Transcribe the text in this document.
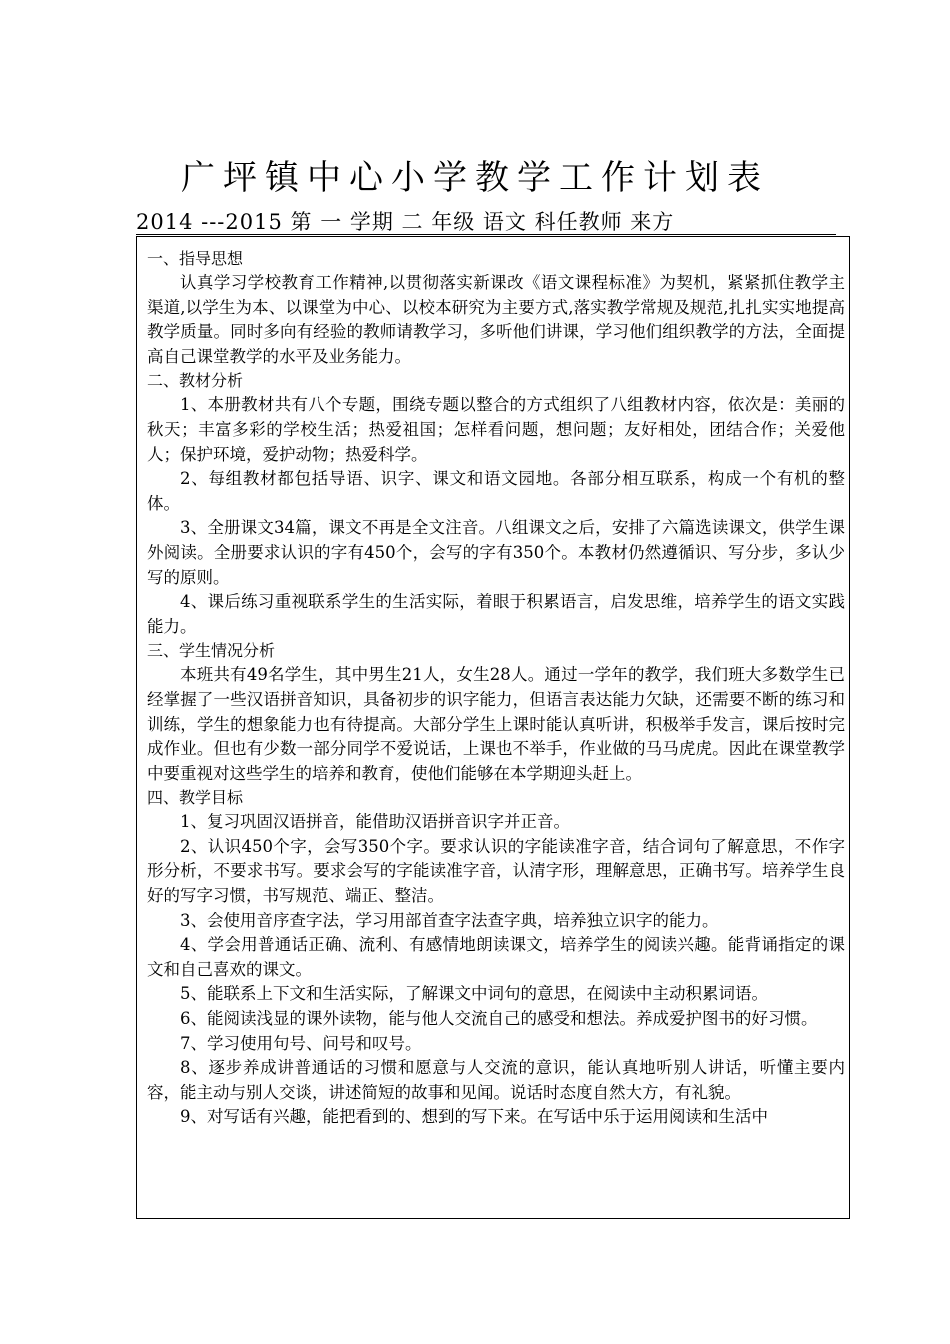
广坪镇中心小学教学工作计划表
2014 ---2015 第 一 学期 二 年级 语文 科任教师 来方

一、指导思想

认真学习学校教育工作精神,以贯彻落实新课改《语文课程标准》为契机，紧紧抓住教学主渠道,以学生为本、以课堂为中心、以校本研究为主要方式,落实教学常规及规范,扎扎实实地提高教学质量。同时多向有经验的教师请教学习，多听他们讲课，学习他们组织教学的方法，全面提高自己课堂教学的水平及业务能力。

二、教材分析

1、本册教材共有八个专题，围绕专题以整合的方式组织了八组教材内容，依次是：美丽的秋天；丰富多彩的学校生活；热爱祖国；怎样看问题，想问题；友好相处，团结合作；关爱他人；保护环境，爱护动物；热爱科学。

2、每组教材都包括导语、识字、课文和语文园地。各部分相互联系，构成一个有机的整体。

3、全册课文34篇，课文不再是全文注音。八组课文之后，安排了六篇选读课文，供学生课外阅读。全册要求认识的字有450个，会写的字有350个。本教材仍然遵循识、写分步，多认少写的原则。

4、课后练习重视联系学生的生活实际，着眼于积累语言，启发思维，培养学生的语文实践能力。

三、学生情况分析

本班共有49名学生，其中男生21人，女生28人。通过一学年的教学，我们班大多数学生已经掌握了一些汉语拼音知识，具备初步的识字能力，但语言表达能力欠缺，还需要不断的练习和训练，学生的想象能力也有待提高。大部分学生上课时能认真听讲，积极举手发言，课后按时完成作业。但也有少数一部分同学不爱说话，上课也不举手，作业做的马马虎虎。因此在课堂教学中要重视对这些学生的培养和教育，使他们能够在本学期迎头赶上。

四、教学目标

1、复习巩固汉语拼音，能借助汉语拼音识字并正音。

2、认识450个字，会写350个字。要求认识的字能读准字音，结合词句了解意思，不作字形分析，不要求书写。要求会写的字能读准字音，认清字形，理解意思，正确书写。培养学生良好的写字习惯，书写规范、端正、整洁。

3、会使用音序查字法，学习用部首查字法查字典，培养独立识字的能力。

4、学会用普通话正确、流利、有感情地朗读课文，培养学生的阅读兴趣。能背诵指定的课文和自己喜欢的课文。

5、能联系上下文和生活实际，了解课文中词句的意思，在阅读中主动积累词语。

6、能阅读浅显的课外读物，能与他人交流自己的感受和想法。养成爱护图书的好习惯。

7、学习使用句号、问号和叹号。

8、逐步养成讲普通话的习惯和愿意与人交流的意识，能认真地听别人讲话，听懂主要内容，能主动与别人交谈，讲述简短的故事和见闻。说话时态度自然大方，有礼貌。

9、对写话有兴趣，能把看到的、想到的写下来。在写话中乐于运用阅读和生活中
